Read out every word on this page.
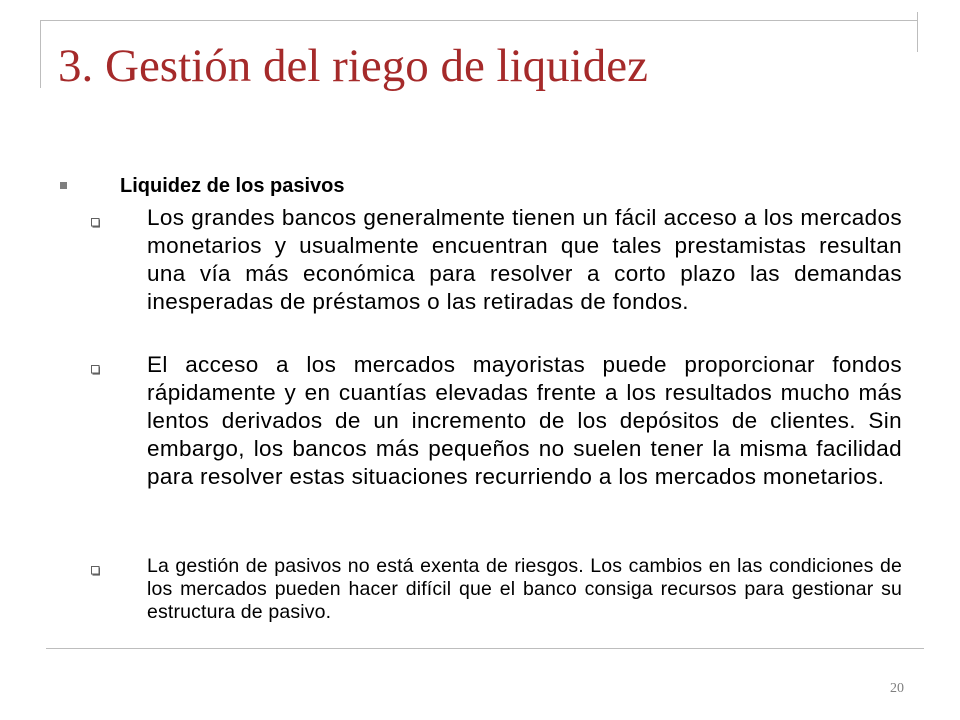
3. Gestión del riego de liquidez
Liquidez de los pasivos

Los grandes bancos generalmente tienen un fácil acceso a los mercados monetarios y usualmente encuentran que tales prestamistas resultan una vía más económica para resolver a corto plazo las demandas inesperadas de préstamos o las retiradas de fondos.

El acceso a los mercados mayoristas puede proporcionar fondos rápidamente y en cuantías elevadas frente a los resultados mucho más lentos derivados de un incremento de los depósitos de clientes. Sin embargo, los bancos más pequeños no suelen tener la misma facilidad para resolver estas situaciones recurriendo a los mercados monetarios.

La gestión de pasivos no está exenta de riesgos. Los cambios en las condiciones de los mercados pueden hacer difícil que el banco consiga recursos para gestionar su estructura de pasivo.

20
